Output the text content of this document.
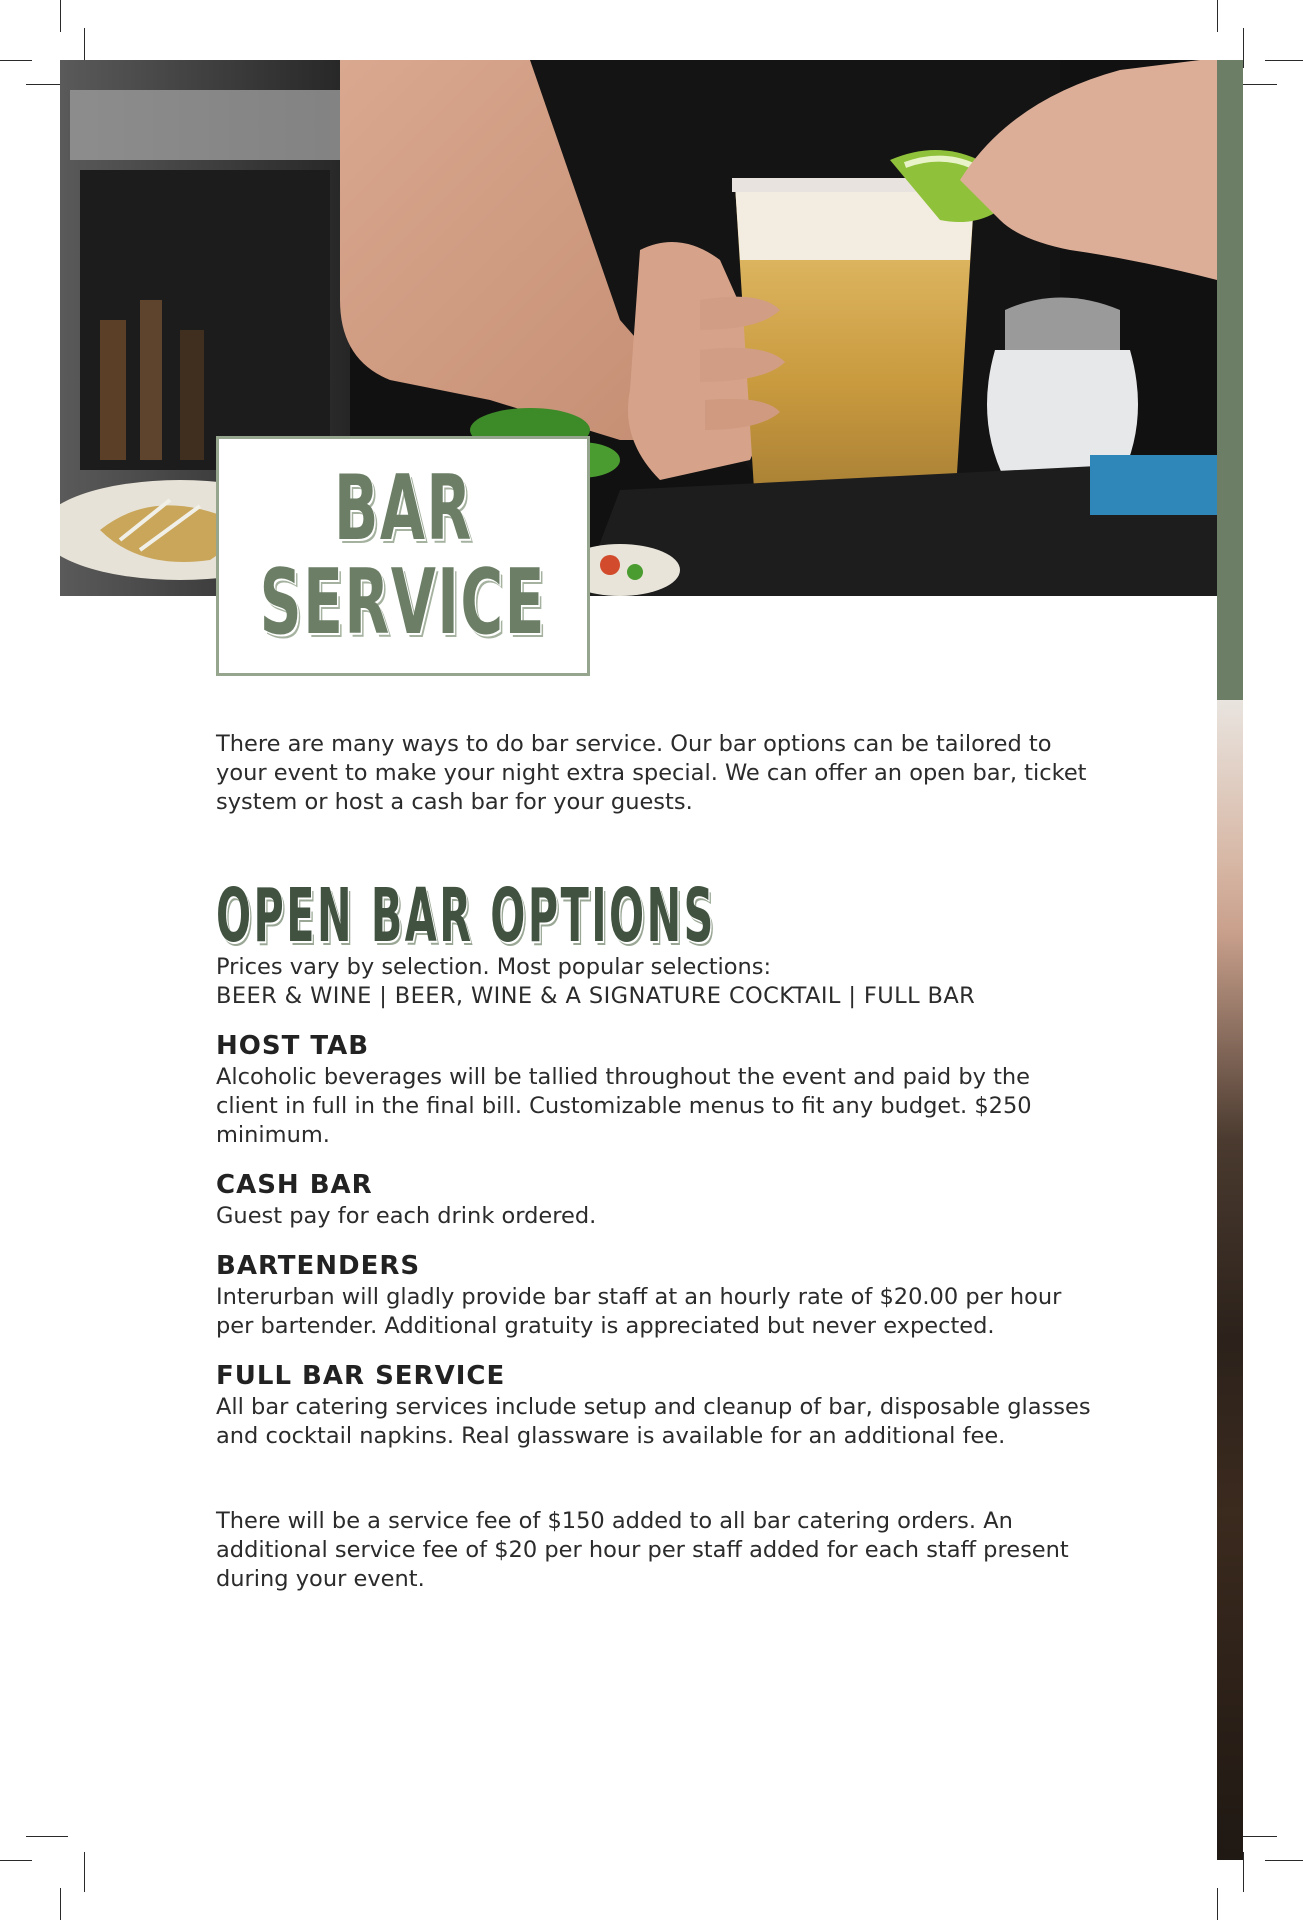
BAR
SERVICE

There are many ways to do bar service. Our bar options can be tailored to your event to make your night extra special. We can offer an open bar, ticket system or host a cash bar for your guests.

OPEN BAR OPTIONS

Prices vary by selection. Most popular selections:

BEER & WINE | BEER, WINE & A SIGNATURE COCKTAIL | FULL BAR

HOST TAB

Alcoholic beverages will be tallied throughout the event and paid by the client in full in the final bill. Customizable menus to fit any budget. $250 minimum.

CASH BAR

Guest pay for each drink ordered.

BARTENDERS

Interurban will gladly provide bar staff at an hourly rate of $20.00 per hour per bartender. Additional gratuity is appreciated but never expected.

FULL BAR SERVICE

All bar catering services include setup and cleanup of bar, disposable glasses and cocktail napkins. Real glassware is available for an additional fee.

There will be a service fee of $150 added to all bar catering orders. An additional service fee of $20 per hour per staff added for each staff present during your event.
